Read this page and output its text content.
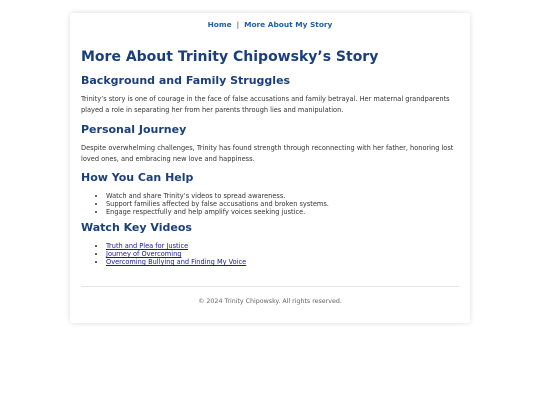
Home | More About My Story
More About Trinity Chipowsky’s Story
Background and Family Struggles

Trinity’s story is one of courage in the face of false accusations and family betrayal. Her maternal grandparents played a role in separating her from her parents through lies and manipulation.

Personal Journey

Despite overwhelming challenges, Trinity has found strength through reconnecting with her father, honoring lost loved ones, and embracing new love and happiness.

How You Can Help
• Watch and share Trinity’s videos to spread awareness.
• Support families affected by false accusations and broken systems.
• Engage respectfully and help amplify voices seeking justice.
Watch Key Videos
• Truth and Plea for Justice
• Journey of Overcoming
• Overcoming Bullying and Finding My Voice
© 2024 Trinity Chipowsky. All rights reserved.
